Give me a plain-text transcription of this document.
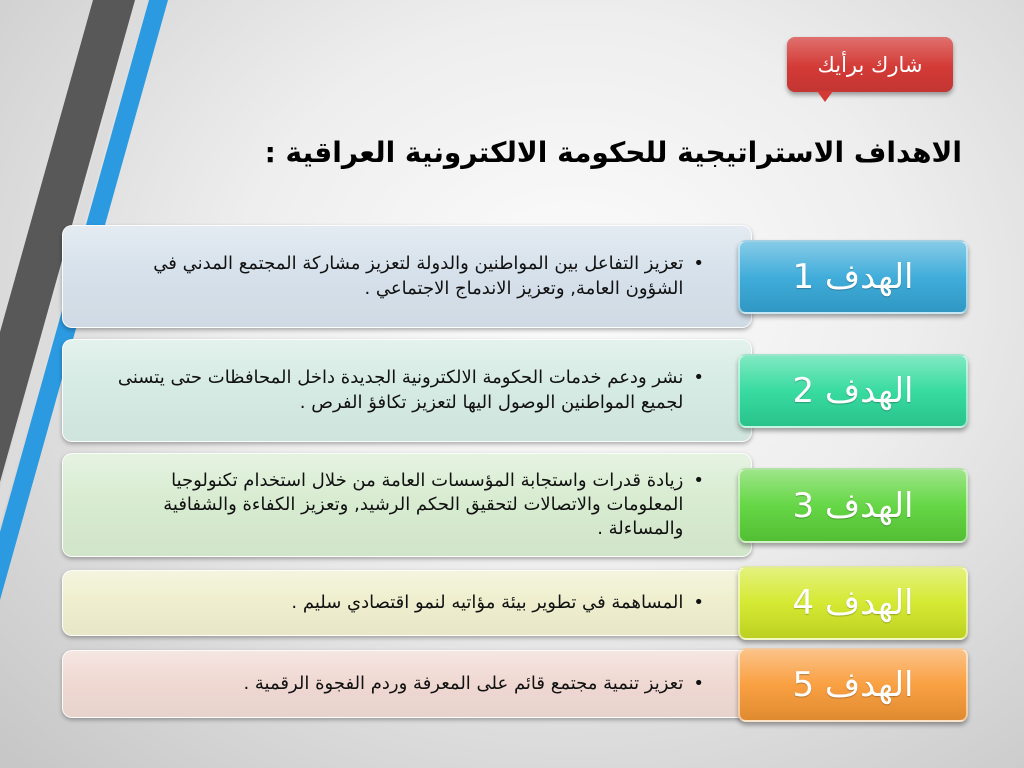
شارك برأيك
الاهداف الاستراتيجية للحكومة الالكترونية العراقية :
•
تعزيز التفاعل بين المواطنين والدولة لتعزيز مشاركة المجتمع المدني في الشؤون العامة, وتعزيز الاندماج الاجتماعي .	الهدف 1
•
نشر ودعم خدمات الحكومة الالكترونية الجديدة داخل المحافظات حتى يتسنى لجميع المواطنين الوصول اليها لتعزيز تكافؤ الفرص .	الهدف 2
•
زيادة قدرات واستجابة المؤسسات العامة من خلال استخدام تكنولوجيا المعلومات والاتصالات لتحقيق الحكم الرشيد, وتعزيز الكفاءة والشفافية والمساءلة .
الهدف 3
•
المساهمة في تطوير بيئة مؤاتيه لنمو اقتصادي سليم .	الهدف 4
•
تعزيز تنمية مجتمع قائم على المعرفة وردم الفجوة الرقمية .	الهدف 5
